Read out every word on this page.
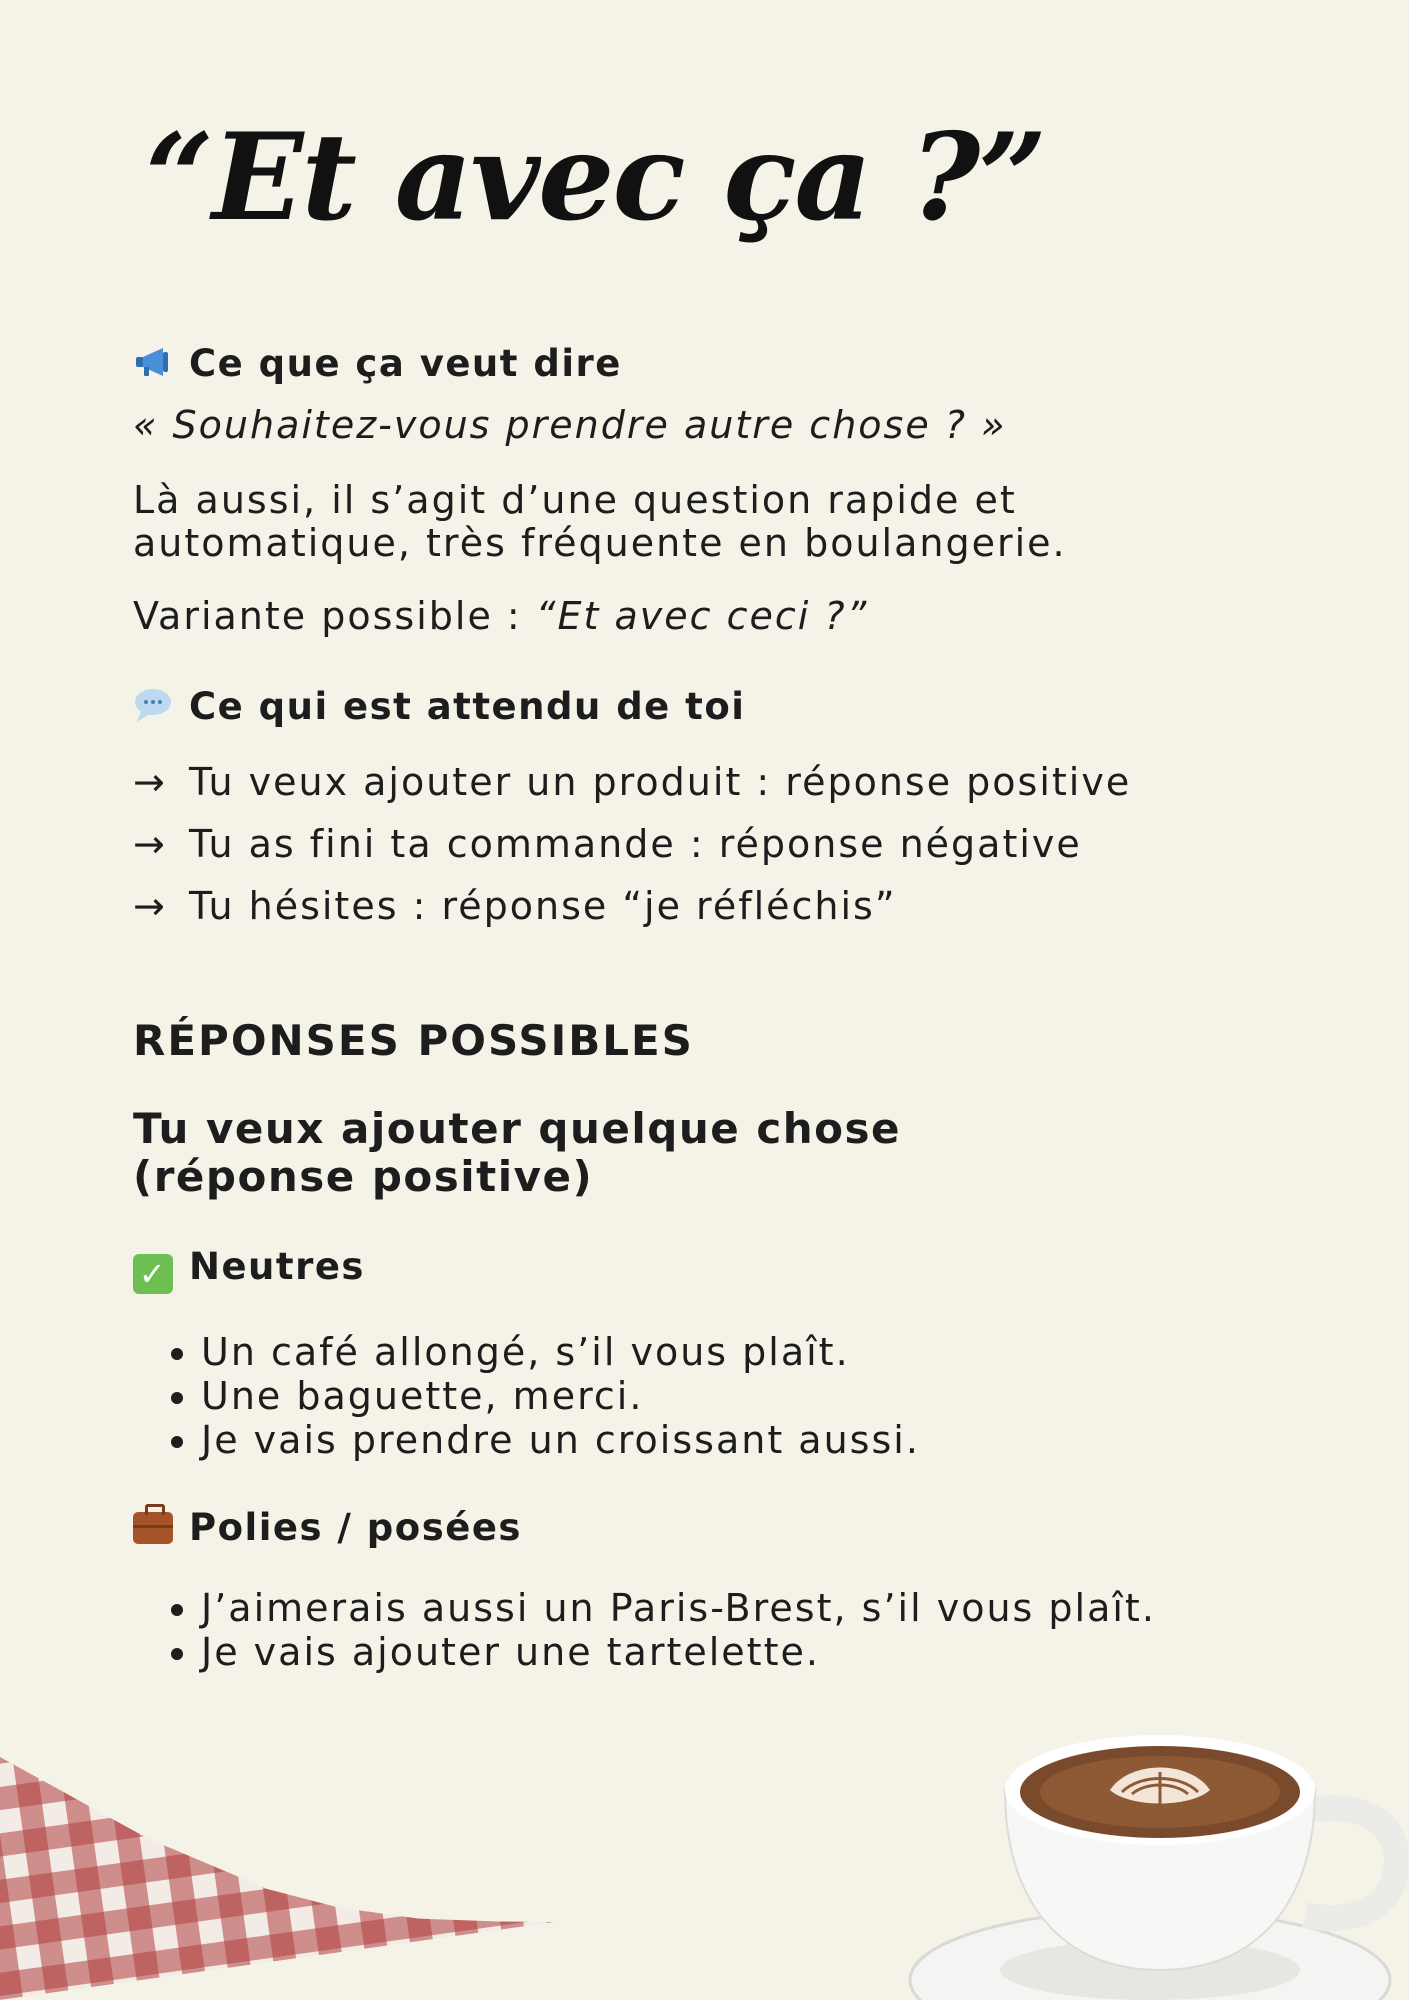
“Et avec ça ?”
Ce que ça veut dire
« Souhaitez-vous prendre autre chose ? »
Là aussi, il s’agit d’une question rapide et automatique, très fréquente en boulangerie.
Variante possible : “Et avec ceci ?”
Ce qui est attendu de toi
→ Tu veux ajouter un produit : réponse positive
→ Tu as fini ta commande : réponse négative
→ Tu hésites : réponse “je réfléchis”
RÉPONSES POSSIBLES
Tu veux ajouter quelque chose (réponse positive)
✓ Neutres
• Un café allongé, s’il vous plaît.
• Une baguette, merci.
• Je vais prendre un croissant aussi.
Polies / posées
• J’aimerais aussi un Paris-Brest, s’il vous plaît.
• Je vais ajouter une tartelette.
